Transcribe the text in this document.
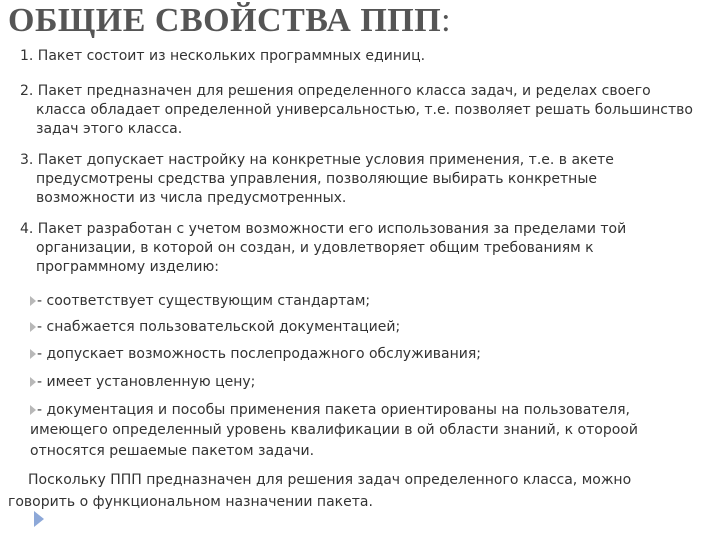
ОБЩИЕ СВОЙСТВА ППП:
1. Пакет состоит из нескольких программных единиц.
2. Пакет предназначен для решения определенного класса задач, и ределах своего
класса обладает определенной универсальностью, т.е. позволяет решать большинство
задач этого класса.
3. Пакет допускает настройку на конкретные условия применения, т.е. в акете
предусмотрены средства управления, позволяющие выбирать конкретные
возможности из числа предусмотренных.
4. Пакет разработан с учетом возможности его использования за пределами той
организации, в которой он создан, и удовлетворяет общим требованиям к
программному изделию:
- соответствует существующим стандартам;
- снабжается пользовательской документацией;
- допускает возможность послепродажного обслуживания;
- имеет установленную цену;
- документация и пособы применения пакета ориентированы на пользователя,
имеющего определенный уровень квалификации в ой области знаний, к отороой
относятся решаемые пакетом задачи.
Поскольку ППП предназначен для решения задач определенного класса, можно
говорить о функциональном назначении пакета.
